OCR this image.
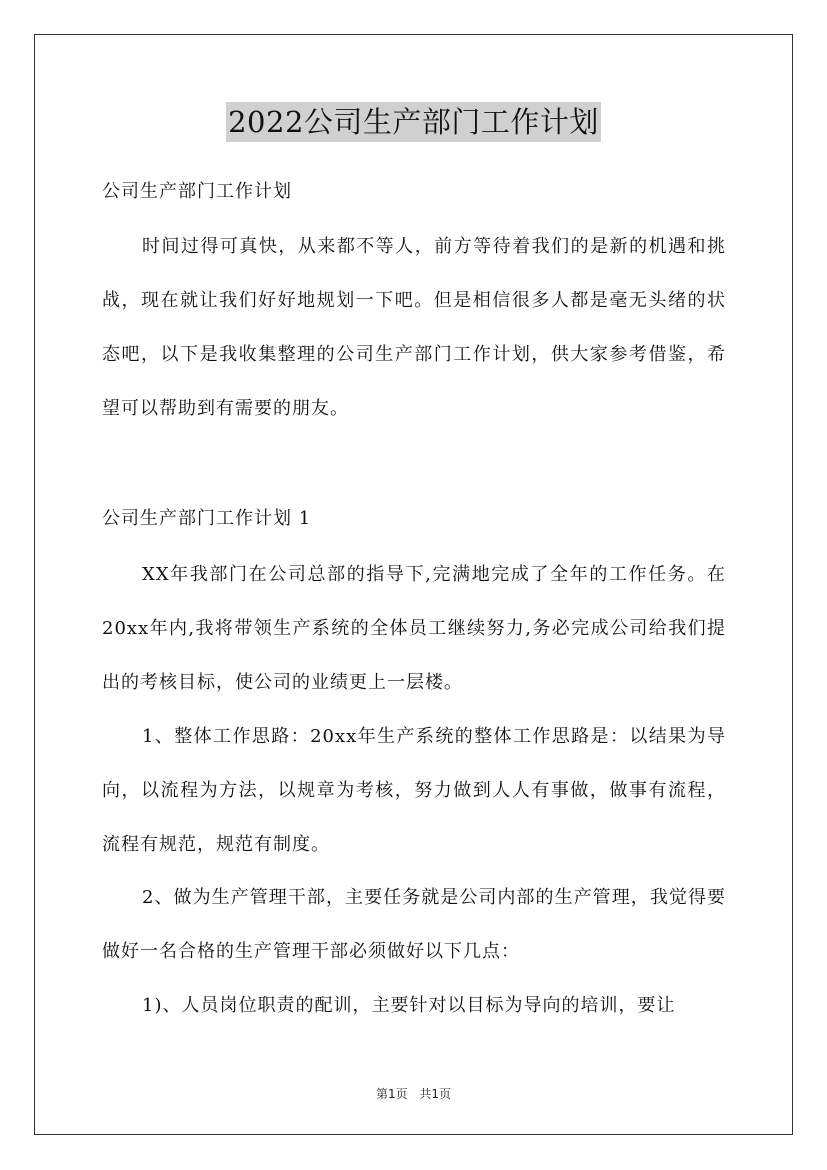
2022公司生产部门工作计划

公司生产部门工作计划

时间过得可真快，从来都不等人，前方等待着我们的是新的机遇和挑战，现在就让我们好好地规划一下吧。但是相信很多人都是毫无头绪的状态吧，以下是我收集整理的公司生产部门工作计划，供大家参考借鉴，希望可以帮助到有需要的朋友。

公司生产部门工作计划 1

XX年我部门在公司总部的指导下,完满地完成了全年的工作任务。在20xx年内,我将带领生产系统的全体员工继续努力,务必完成公司给我们提出的考核目标，使公司的业绩更上一层楼。

1、整体工作思路：20xx年生产系统的整体工作思路是：以结果为导向，以流程为方法，以规章为考核，努力做到人人有事做，做事有流程，流程有规范，规范有制度。

2、做为生产管理干部，主要任务就是公司内部的生产管理，我觉得要做好一名合格的生产管理干部必须做好以下几点：

1)、人员岗位职责的配训，主要针对以目标为导向的培训，要让

第1页 共1页
